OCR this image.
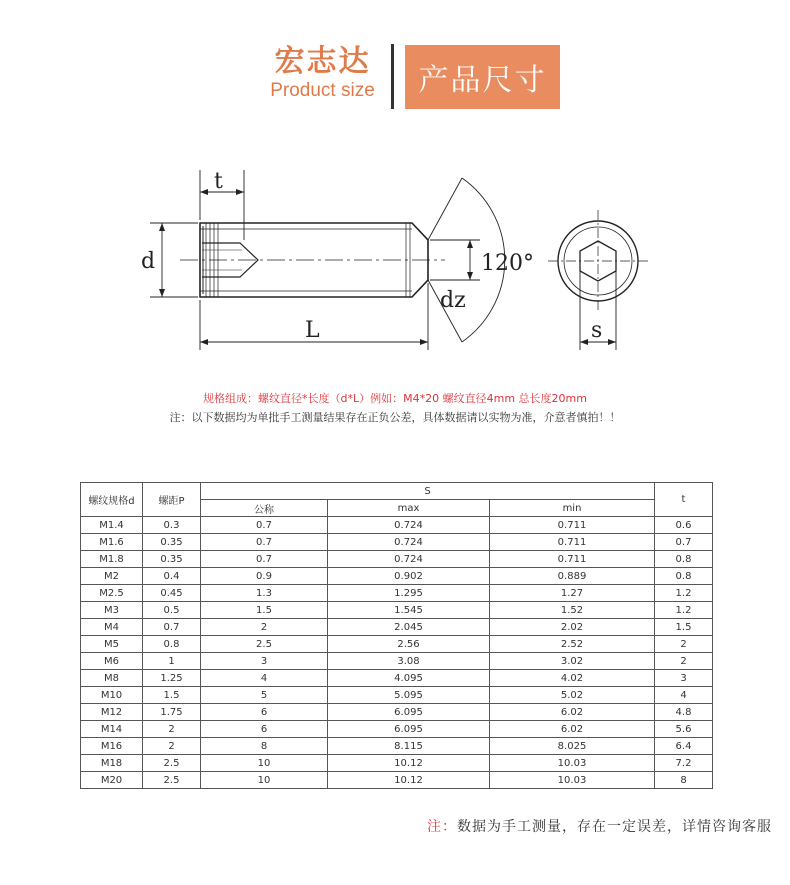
宏志达
Product size	产品尺寸
t
d
L
dz
120°
s
规格组成：螺纹直径*长度（d*L）例如：M4*20 螺纹直径4mm 总长度20mm
注：以下数据均为单批手工测量结果存在正负公差，具体数据请以实物为准，介意者慎拍！！
螺纹规格d	螺距P	S			t
		公称	max	min	
M1.4	0.3	0.7	0.724	0.711	0.6
M1.6	0.35	0.7	0.724	0.711	0.7
M1.8	0.35	0.7	0.724	0.711	0.8
M2	0.4	0.9	0.902	0.889	0.8
M2.5	0.45	1.3	1.295	1.27	1.2
M3	0.5	1.5	1.545	1.52	1.2
M4	0.7	2	2.045	2.02	1.5
M5	0.8	2.5	2.56	2.52	2
M6	1	3	3.08	3.02	2
M8	1.25	4	4.095	4.02	3
M10	1.5	5	5.095	5.02	4
M12	1.75	6	6.095	6.02	4.8
M14	2	6	6.095	6.02	5.6
M16	2	8	8.115	8.025	6.4
M18	2.5	10	10.12	10.03	7.2
M20	2.5	10	10.12	10.03	8
注：数据为手工测量，存在一定误差，详情咨询客服
